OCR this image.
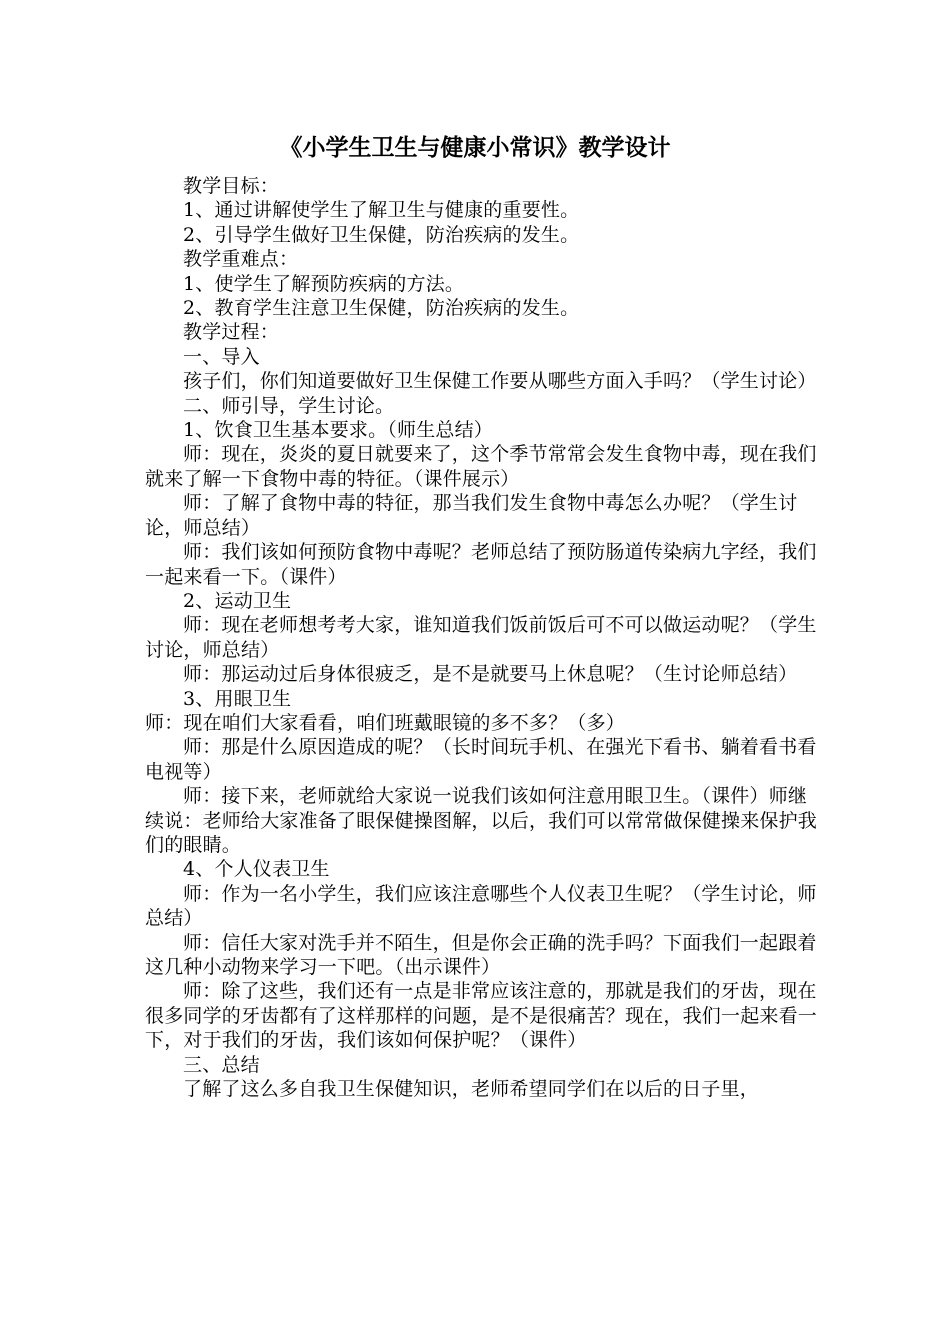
《小学生卫生与健康小常识》教学设计

教学目标：

1、通过讲解使学生了解卫生与健康的重要性。

2、引导学生做好卫生保健，防治疾病的发生。

教学重难点：

1、使学生了解预防疾病的方法。

2、教育学生注意卫生保健，防治疾病的发生。

教学过程：

一、导入

孩子们，你们知道要做好卫生保健工作要从哪些方面入手吗？（学生讨论）

二、师引导，学生讨论。

1、饮食卫生基本要求。（师生总结）

师：现在，炎炎的夏日就要来了，这个季节常常会发生食物中毒，现在我们就来了解一下食物中毒的特征。（课件展示）

师：了解了食物中毒的特征，那当我们发生食物中毒怎么办呢？（学生讨论，师总结）

师：我们该如何预防食物中毒呢？老师总结了预防肠道传染病九字经，我们一起来看一下。（课件）

2、运动卫生

师：现在老师想考考大家，谁知道我们饭前饭后可不可以做运动呢？（学生讨论，师总结）

师：那运动过后身体很疲乏，是不是就要马上休息呢？（生讨论师总结）

3、用眼卫生

师：现在咱们大家看看，咱们班戴眼镜的多不多？（多）

师：那是什么原因造成的呢？（长时间玩手机、在强光下看书、躺着看书看电视等）

师：接下来，老师就给大家说一说我们该如何注意用眼卫生。（课件）师继续说：老师给大家准备了眼保健操图解，以后，我们可以常常做保健操来保护我们的眼睛。

4、个人仪表卫生

师：作为一名小学生，我们应该注意哪些个人仪表卫生呢？（学生讨论，师总结）

师：信任大家对洗手并不陌生，但是你会正确的洗手吗？下面我们一起跟着这几种小动物来学习一下吧。（出示课件）

师：除了这些，我们还有一点是非常应该注意的，那就是我们的牙齿，现在很多同学的牙齿都有了这样那样的问题，是不是很痛苦？现在，我们一起来看一下，对于我们的牙齿，我们该如何保护呢？（课件）

三、总结

了解了这么多自我卫生保健知识，老师希望同学们在以后的日子里，
